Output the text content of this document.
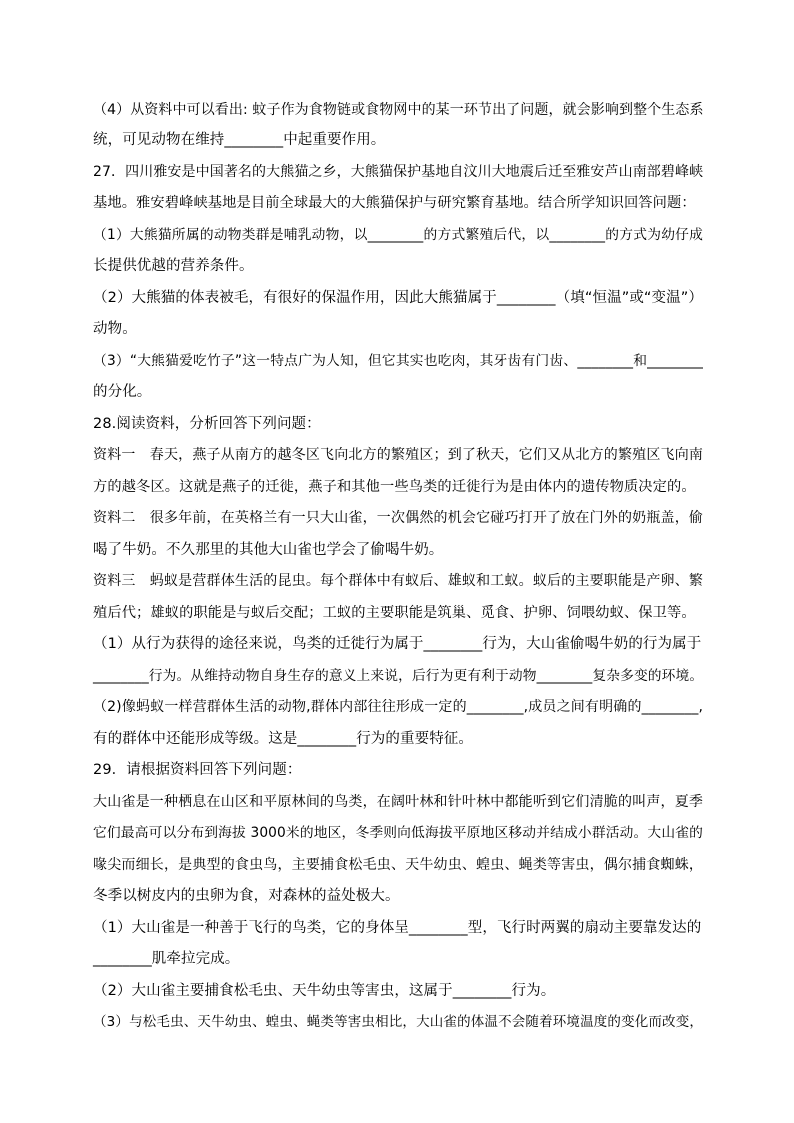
（4）从资料中可以看出: 蚊子作为食物链或食物网中的某一环节出了问题，就会影响到整个生态系
统，可见动物在维持________中起重要作用。
27．四川雅安是中国著名的大熊猫之乡，大熊猫保护基地自汶川大地震后迁至雅安芦山南部碧峰峡
基地。雅安碧峰峡基地是目前全球最大的大熊猫保护与研究繁育基地。结合所学知识回答问题：
（1）大熊猫所属的动物类群是哺乳动物，以________的方式繁殖后代，以________的方式为幼仔成
长提供优越的营养条件。
（2）大熊猫的体表被毛，有很好的保温作用，因此大熊猫属于________（填“恒温”或“变温”）
动物。
（3）“大熊猫爱吃竹子”这一特点广为人知，但它其实也吃肉，其牙齿有门齿、________和________
的分化。
28.阅读资料，分析回答下列问题：
资料一　春天，燕子从南方的越冬区飞向北方的繁殖区；到了秋天，它们又从北方的繁殖区飞向南
方的越冬区。这就是燕子的迁徙，燕子和其他一些鸟类的迁徙行为是由体内的遗传物质决定的。
资料二　很多年前，在英格兰有一只大山雀，一次偶然的机会它碰巧打开了放在门外的奶瓶盖，偷
喝了牛奶。不久那里的其他大山雀也学会了偷喝牛奶。
资料三　蚂蚁是营群体生活的昆虫。每个群体中有蚁后、雄蚁和工蚁。蚁后的主要职能是产卵、繁
殖后代；雄蚁的职能是与蚁后交配；工蚁的主要职能是筑巢、觅食、护卵、饲喂幼蚁、保卫等。
（1）从行为获得的途径来说，鸟类的迁徙行为属于________行为，大山雀偷喝牛奶的行为属于
________行为。从维持动物自身生存的意义上来说，后行为更有利于动物________复杂多变的环境。
（2)像蚂蚁一样营群体生活的动物,群体内部往往形成一定的________,成员之间有明确的________,
有的群体中还能形成等级。这是________行为的重要特征。
29．请根据资料回答下列问题：
大山雀是一种栖息在山区和平原林间的鸟类，在阔叶林和针叶林中都能听到它们清脆的叫声，夏季
它们最高可以分布到海拔 3000米的地区，冬季则向低海拔平原地区移动并结成小群活动。大山雀的
喙尖而细长，是典型的食虫鸟，主要捕食松毛虫、天牛幼虫、蝗虫、蝇类等害虫，偶尔捕食蜘蛛，
冬季以树皮内的虫卵为食，对森林的益处极大。
（1）大山雀是一种善于飞行的鸟类，它的身体呈________型，飞行时两翼的扇动主要靠发达的
________肌牵拉完成。
（2）大山雀主要捕食松毛虫、天牛幼虫等害虫，这属于________行为。
（3）与松毛虫、天牛幼虫、蝗虫、蝇类等害虫相比，大山雀的体温不会随着环境温度的变化而改变，
